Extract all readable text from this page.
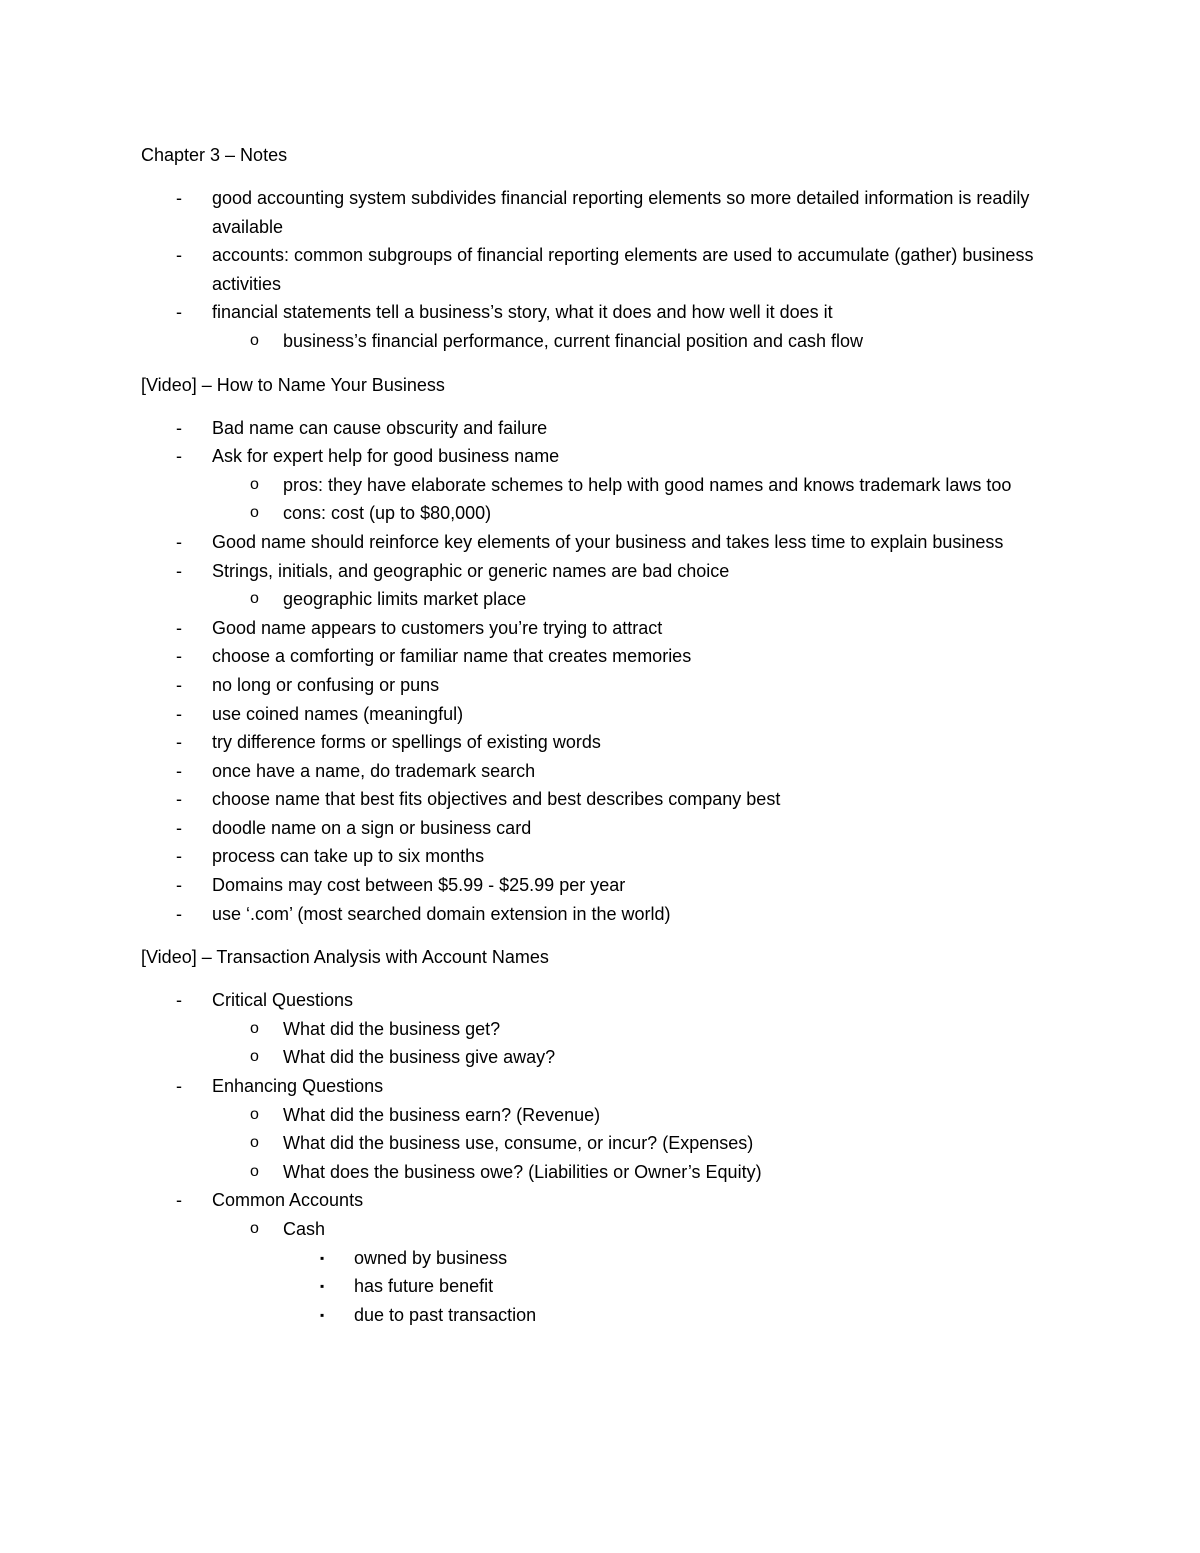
Chapter 3 – Notes
- good accounting system subdivides financial reporting elements so more detailed information is readily available
- accounts: common subgroups of financial reporting elements are used to accumulate (gather) business activities
- financial statements tell a business’s story, what it does and how well it does it
o business’s financial performance, current financial position and cash flow
[Video] – How to Name Your Business
- Bad name can cause obscurity and failure
- Ask for expert help for good business name
o pros: they have elaborate schemes to help with good names and knows trademark laws too
o cons: cost (up to $80,000)
- Good name should reinforce key elements of your business and takes less time to explain business
- Strings, initials, and geographic or generic names are bad choice
o geographic limits market place
- Good name appears to customers you’re trying to attract
- choose a comforting or familiar name that creates memories
- no long or confusing or puns
- use coined names (meaningful)
- try difference forms or spellings of existing words
- once have a name, do trademark search
- choose name that best fits objectives and best describes company best
- doodle name on a sign or business card
- process can take up to six months
- Domains may cost between $5.99 - $25.99 per year
- use ‘.com’ (most searched domain extension in the world)
[Video] – Transaction Analysis with Account Names
- Critical Questions
o What did the business get?
o What did the business give away?
- Enhancing Questions
o What did the business earn? (Revenue)
o What did the business use, consume, or incur? (Expenses)
o What does the business owe? (Liabilities or Owner’s Equity)
- Common Accounts
o Cash
▪ owned by business
▪ has future benefit
▪ due to past transaction
